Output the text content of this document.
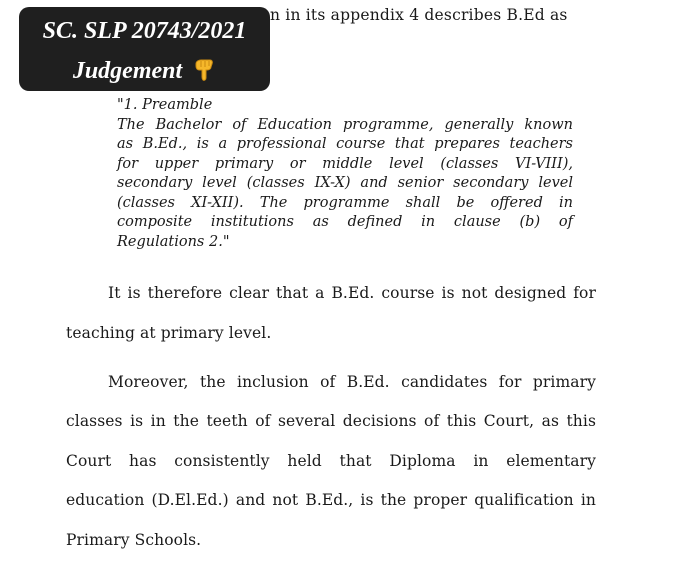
n in its appendix 4 describes B.Ed as
SC. SLP 20743/2021
Judgement
"1. Preamble
The Bachelor of Education programme, generally known
as B.Ed., is a professional course that prepares teachers
for upper primary or middle level (classes VI-VIII),
secondary level (classes IX-X) and senior secondary level
(classes XI-XII). The programme shall be offered in
composite institutions as defined in clause (b) of
Regulations 2."
It is therefore clear that a B.Ed. course is not designed for
teaching at primary level.
Moreover, the inclusion of B.Ed. candidates for primary
classes is in the teeth of several decisions of this Court, as this
Court has consistently held that Diploma in elementary
education (D.El.Ed.) and not B.Ed., is the proper qualification in
Primary Schools.
